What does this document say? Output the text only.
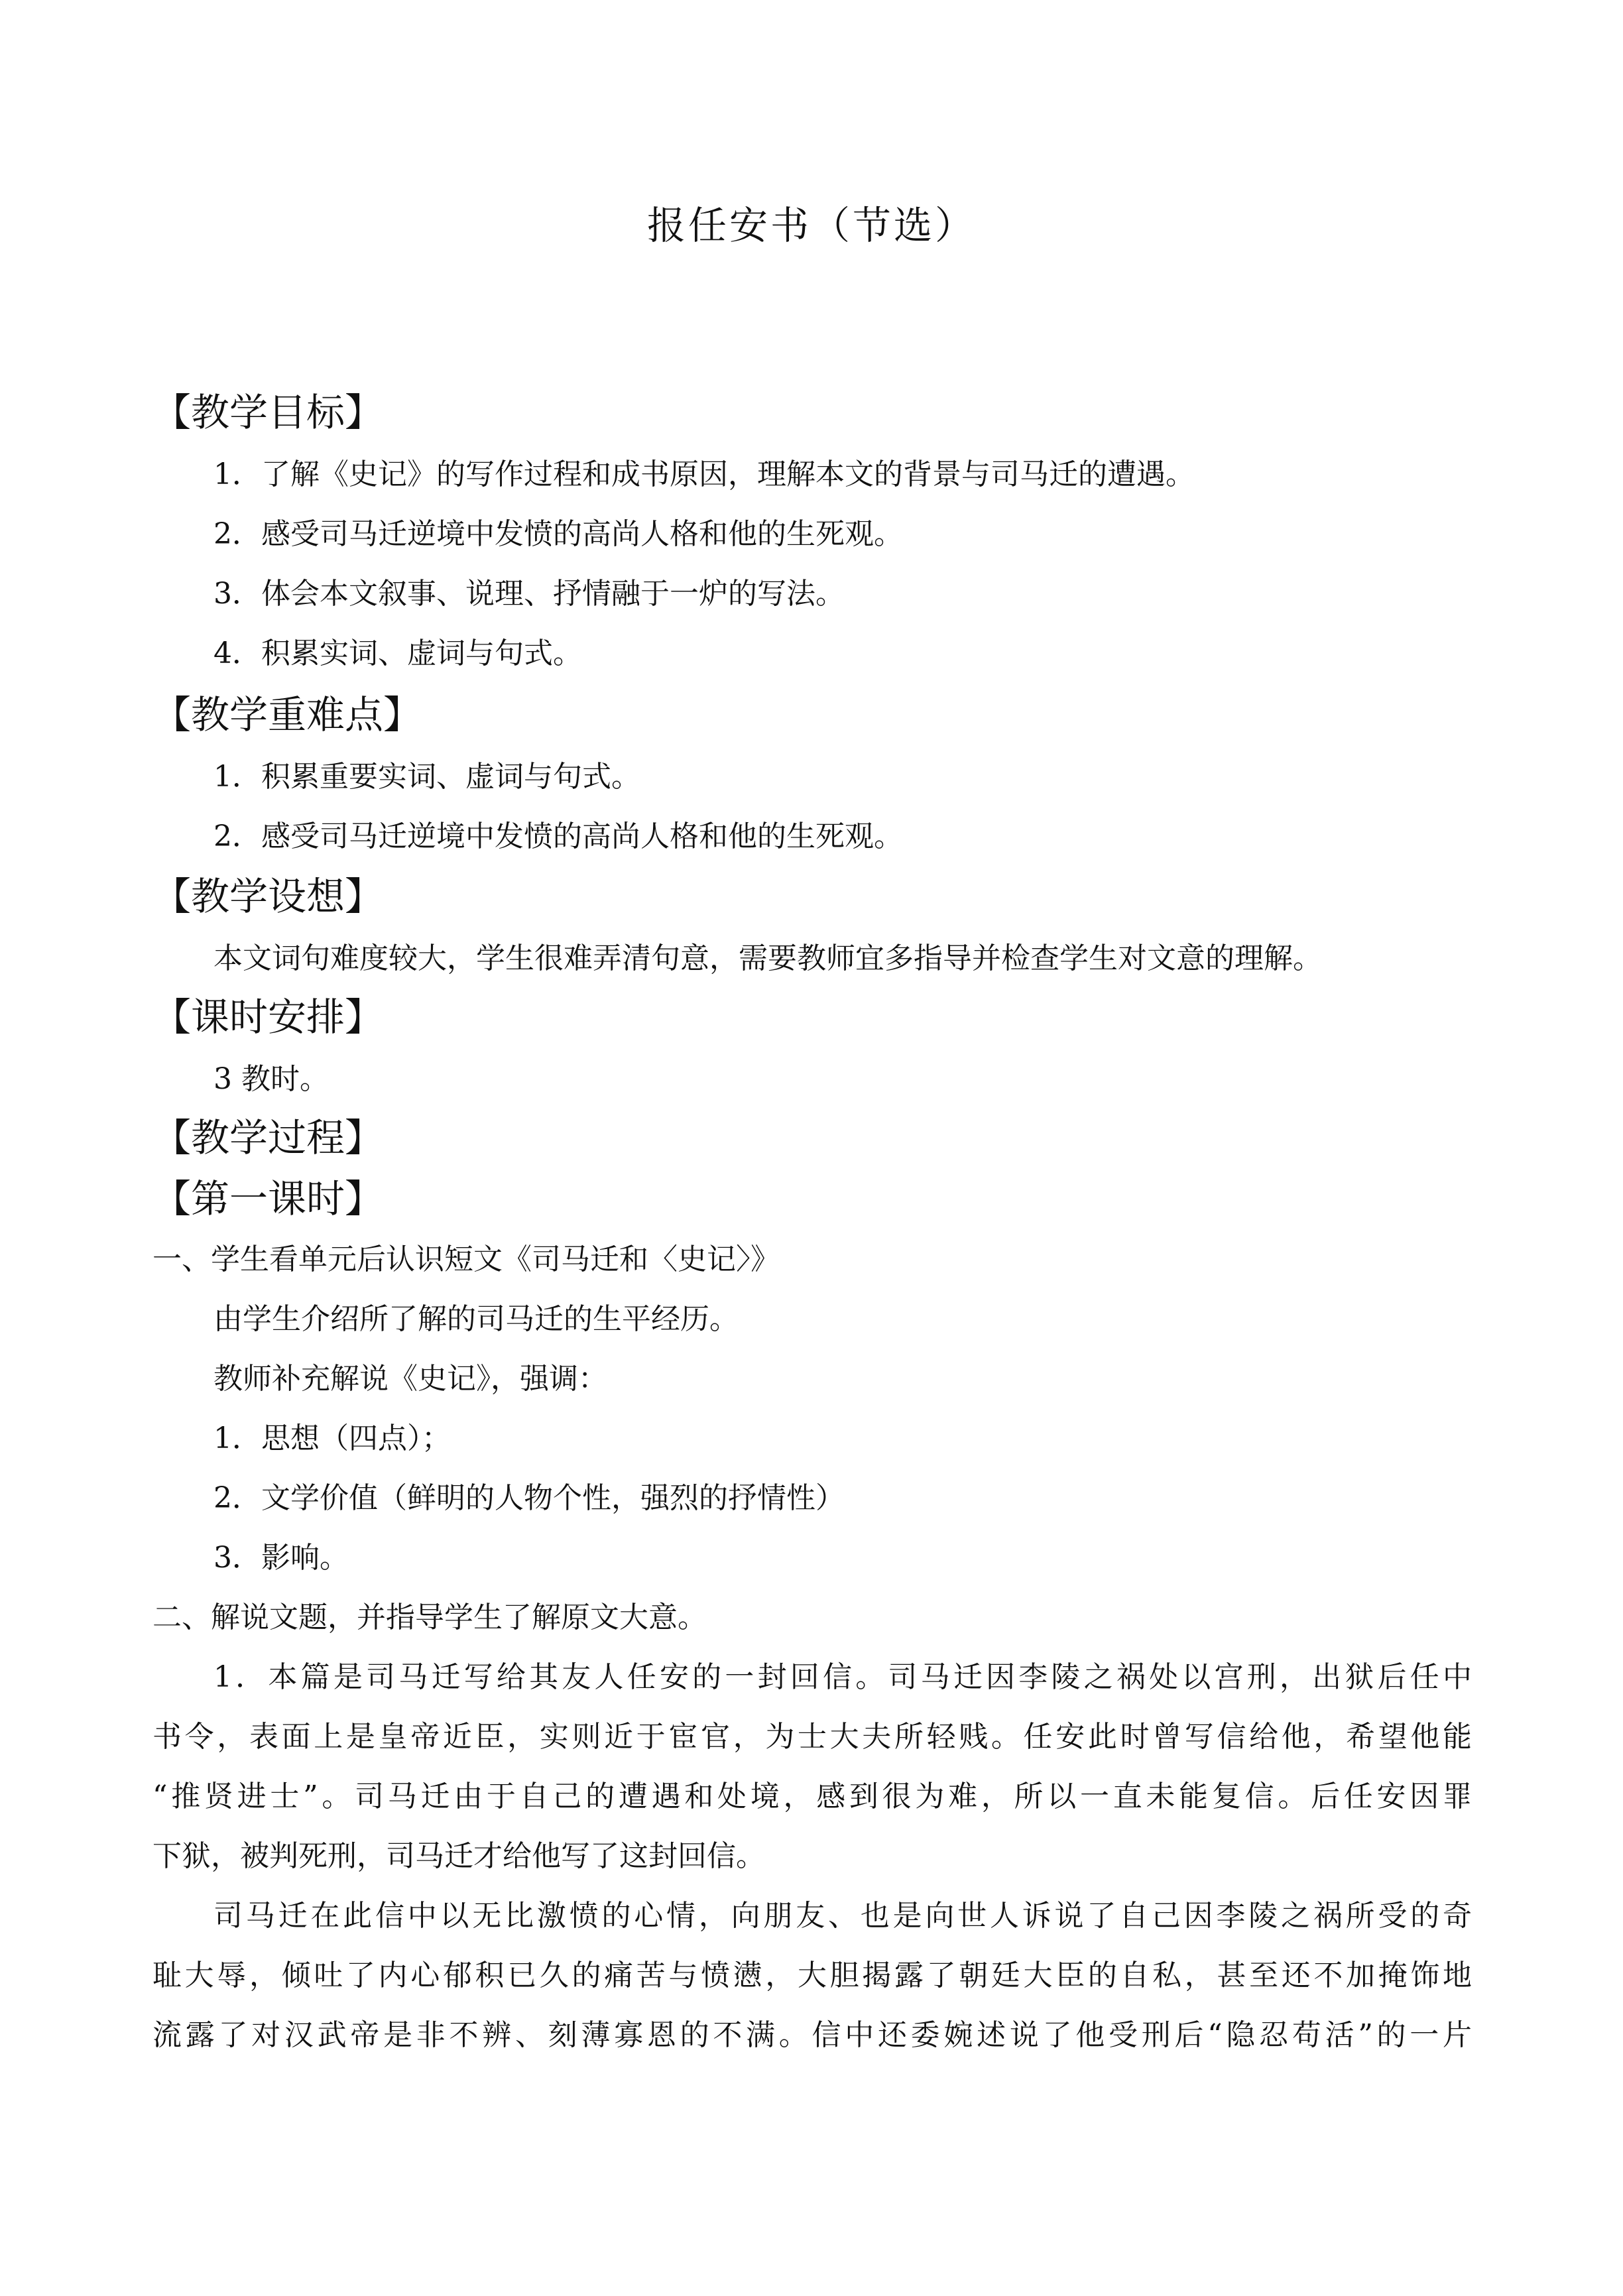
报任安书（节选）
【教学目标】
1．了解《史记》的写作过程和成书原因，理解本文的背景与司马迁的遭遇。
2．感受司马迁逆境中发愤的高尚人格和他的生死观。
3．体会本文叙事、说理、抒情融于一炉的写法。
4．积累实词、虚词与句式。
【教学重难点】
1．积累重要实词、虚词与句式。
2．感受司马迁逆境中发愤的高尚人格和他的生死观。
【教学设想】
本文词句难度较大，学生很难弄清句意，需要教师宜多指导并检查学生对文意的理解。
【课时安排】
3 教时。
【教学过程】
【第一课时】
一、学生看单元后认识短文《司马迁和〈史记〉》
由学生介绍所了解的司马迁的生平经历。
教师补充解说《史记》，强调：
1．思想（四点）；
2．文学价值（鲜明的人物个性，强烈的抒情性）
3．影响。
二、解说文题，并指导学生了解原文大意。
1．本篇是司马迁写给其友人任安的一封回信。司马迁因李陵之祸处以宫刑，出狱后任中
书令，表面上是皇帝近臣，实则近于宦官，为士大夫所轻贱。任安此时曾写信给他，希望他能
“推贤进士”。司马迁由于自己的遭遇和处境，感到很为难，所以一直未能复信。后任安因罪
下狱，被判死刑，司马迁才给他写了这封回信。
司马迁在此信中以无比激愤的心情，向朋友、也是向世人诉说了自己因李陵之祸所受的奇
耻大辱，倾吐了内心郁积已久的痛苦与愤懑，大胆揭露了朝廷大臣的自私，甚至还不加掩饰地
流露了对汉武帝是非不辨、刻薄寡恩的不满。信中还委婉述说了他受刑后“隐忍苟活”的一片
